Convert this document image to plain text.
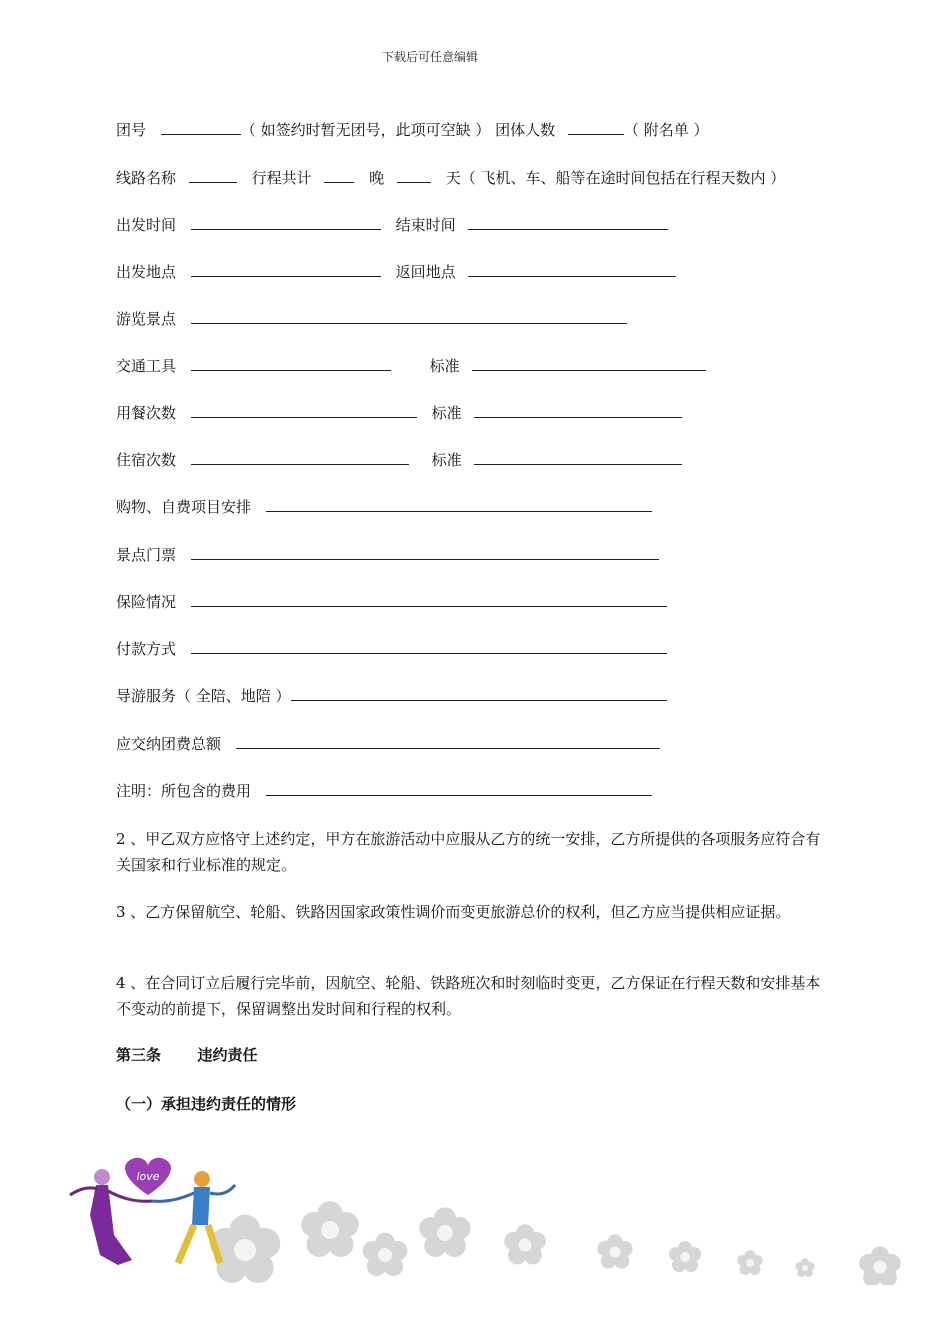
下载后可任意编辑
团号	（ 如签约时暂无团号，此项可空缺 ） 团体人数	（ 附名单 ）
线路名称	行程共计	晚	天（ 飞机、车、船等在途时间包括在行程天数内 ）
出发时间	结束时间
出发地点	返回地点
游览景点
交通工具	标准
用餐次数	标准
住宿次数	标准
购物、自费项目安排
景点门票
保险情况
付款方式
导游服务（ 全陪、地陪 ）
应交纳团费总额
注明：所包含的费用
2 、甲乙双方应恪守上述约定，甲方在旅游活动中应服从乙方的统一安排，乙方所提供的各项服务应符合有关国家和行业标准的规定。
3 、乙方保留航空、轮船、铁路因国家政策性调价而变更旅游总价的权利，但乙方应当提供相应证据。
4 、在合同订立后履行完毕前，因航空、轮船、铁路班次和时刻临时变更，乙方保证在行程天数和安排基本不变动的前提下，保留调整出发时间和行程的权利。
第三条 违约责任
（一）承担违约责任的情形
love
